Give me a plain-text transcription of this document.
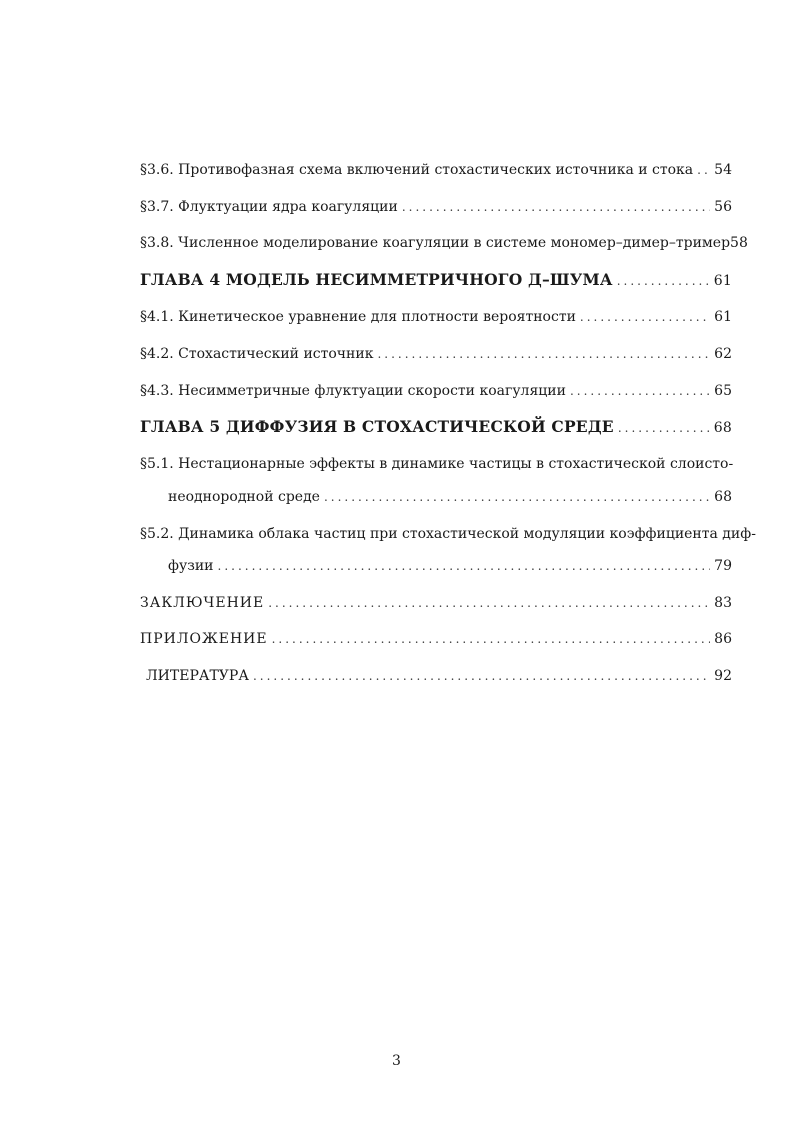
§3.6. Противофазная схема включений стохастических источника и стока ..... 54
§3.7. Флуктуации ядра коагуляции .....	56
§3.8. Численное моделирование коагуляции в системе мономер–димер–тример 58
ГЛАВА 4 МОДЕЛЬ НЕСИММЕТРИЧНОГО Д–ШУМА .....	61
§4.1. Кинетическое уравнение для плотности вероятности .....	61
§4.2. Стохастический источник .....	62
§4.3. Несимметричные флуктуации скорости коагуляции .....	65
ГЛАВА 5 ДИФФУЗИЯ В СТОХАСТИЧЕСКОЙ СРЕДЕ .....	68
§5.1. Нестационарные эффекты в динамике частицы в стохастической слоисто-
неоднородной среде .....	68
§5.2. Динамика облака частиц при стохастической модуляции коэффициента диф-
фузии .....	79
ЗАКЛЮЧЕНИЕ .....	83
ПРИЛОЖЕНИЕ .....	86
ЛИТЕРАТУРА .....	92
3
